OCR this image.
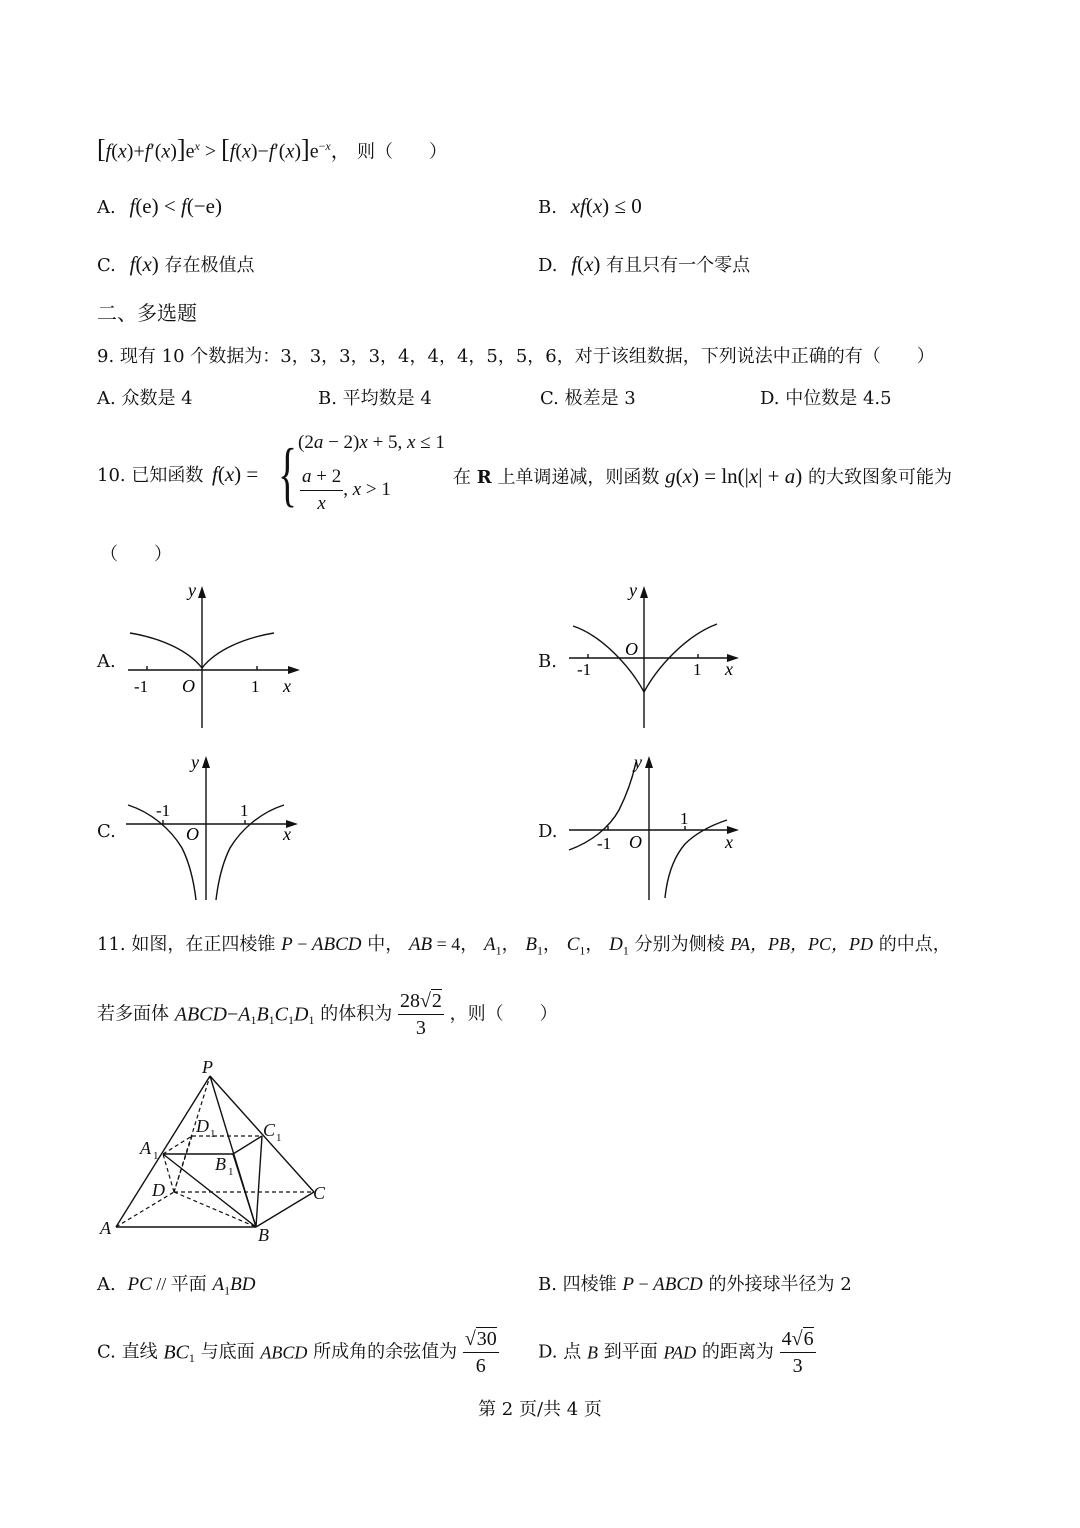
$[f(x)+f'(x)]e^x > [f(x)-f'(x)]e^{-x}$， 则（　　）
A. f(e) < f(−e)	B. xf(x) ≤ 0
C. f(x) 存在极值点	D. f(x) 有且只有一个零点
二、多选题
9. 现有 10 个数据为：3，3，3，3，4，4，4，5，5，6，对于该组数据，下列说法中正确的有（　　）
A. 众数是 4	B. 平均数是 4	C. 极差是 3	D. 中位数是 4.5
10. 已知函数 f(x) = { (2a − 2)x + 5, x ≤ 1
$\frac{a + 2}{x}$ , x > 1
在 R 上单调递减，则函数 g(x) = ln(|x| + a) 的大致图象可能为
（　　）
A.	B.
C.	D.
y
-1 O	1 x
y
O
-1	1 x
y
-1	1
O	x
y
1
-1 O	x
11. 如图，在正四棱锥 P − ABCD 中， AB = 4， $A_1$， $B_1$， $C_1$， $D_1$ 分别为侧棱 PA，PB，PC，PD 的中点，
若多面体 $ABCD-A_1B_1C_1D_1$ 的体积为 $\frac{28√2}{3}$ ，则（　　）
P
D 1	C 1
A 1	B 1
D	C
A	B
A. PC // 平面 $A_1BD$	B. 四棱锥 P − ABCD 的外接球半径为 2
C. 直线 $BC_1$ 与底面 ABCD 所成角的余弦值为 $\frac{√30}{6} D$. 点 B 到平面 PAD 的距离为 $\frac{4√6}{3}$
第 2 页/共 4 页
